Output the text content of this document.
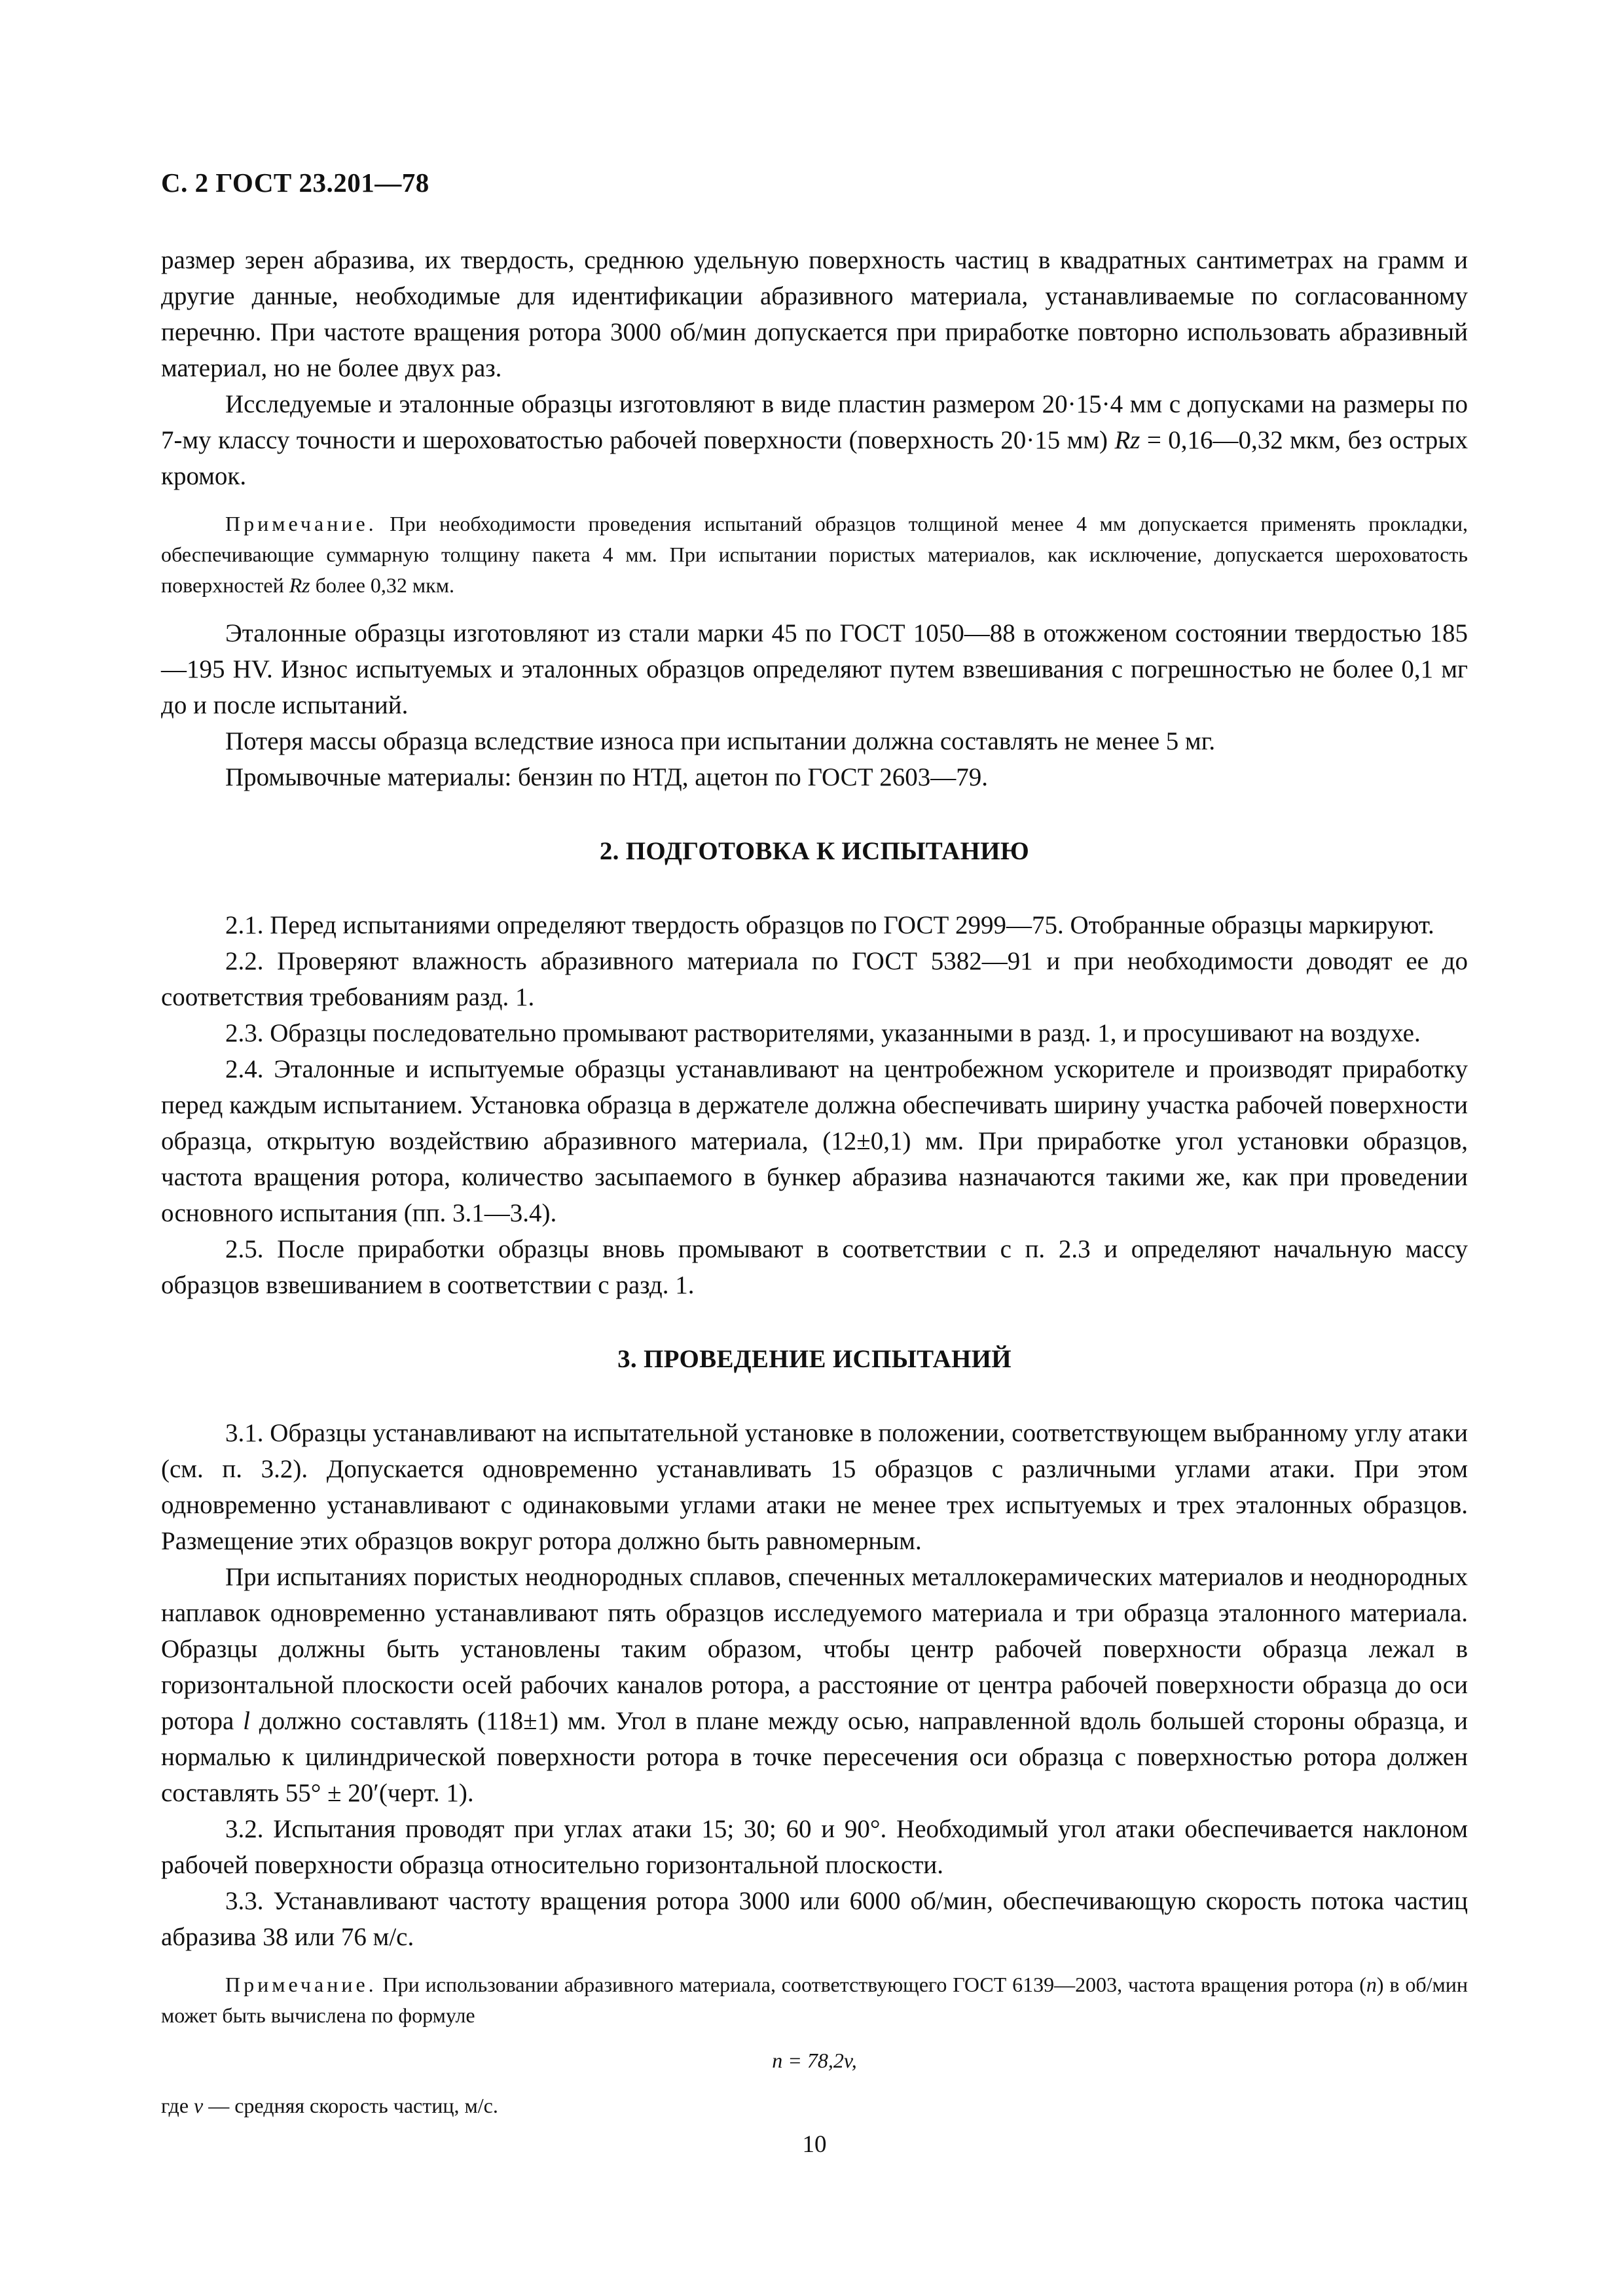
С. 2 ГОСТ 23.201—78

размер зерен абразива, их твердость, среднюю удельную поверхность частиц в квадратных сантиметрах на грамм и другие данные, необходимые для идентификации абразивного материала, устанавливаемые по согласованному перечню. При частоте вращения ротора 3000 об/мин допускается при приработке повторно использовать абразивный материал, но не более двух раз.

Исследуемые и эталонные образцы изготовляют в виде пластин размером 20·15·4 мм с допусками на размеры по 7-му классу точности и шероховатостью рабочей поверхности (поверхность 20·15 мм) Rz = 0,16—0,32 мкм, без острых кромок.

Примечание. При необходимости проведения испытаний образцов толщиной менее 4 мм допускается применять прокладки, обеспечивающие суммарную толщину пакета 4 мм. При испытании пористых материалов, как исключение, допускается шероховатость поверхностей Rz более 0,32 мкм.

Эталонные образцы изготовляют из стали марки 45 по ГОСТ 1050—88 в отожженом состоянии твердостью 185—195 HV. Износ испытуемых и эталонных образцов определяют путем взвешивания с погрешностью не более 0,1 мг до и после испытаний.

Потеря массы образца вследствие износа при испытании должна составлять не менее 5 мг.

Промывочные материалы: бензин по НТД, ацетон по ГОСТ 2603—79.

2. ПОДГОТОВКА К ИСПЫТАНИЮ

2.1. Перед испытаниями определяют твердость образцов по ГОСТ 2999—75. Отобранные образцы маркируют.

2.2. Проверяют влажность абразивного материала по ГОСТ 5382—91 и при необходимости доводят ее до соответствия требованиям разд. 1.

2.3. Образцы последовательно промывают растворителями, указанными в разд. 1, и просушивают на воздухе.

2.4. Эталонные и испытуемые образцы устанавливают на центробежном ускорителе и производят приработку перед каждым испытанием. Установка образца в держателе должна обеспечивать ширину участка рабочей поверхности образца, открытую воздействию абразивного материала, (12±0,1) мм. При приработке угол установки образцов, частота вращения ротора, количество засыпаемого в бункер абразива назначаются такими же, как при проведении основного испытания (пп. 3.1—3.4).

2.5. После приработки образцы вновь промывают в соответствии с п. 2.3 и определяют начальную массу образцов взвешиванием в соответствии с разд. 1.

3. ПРОВЕДЕНИЕ ИСПЫТАНИЙ

3.1. Образцы устанавливают на испытательной установке в положении, соответствующем выбранному углу атаки (см. п. 3.2). Допускается одновременно устанавливать 15 образцов с различными углами атаки. При этом одновременно устанавливают с одинаковыми углами атаки не менее трех испытуемых и трех эталонных образцов. Размещение этих образцов вокруг ротора должно быть равномерным.

При испытаниях пористых неоднородных сплавов, спеченных металлокерамических материалов и неоднородных наплавок одновременно устанавливают пять образцов исследуемого материала и три образца эталонного материала. Образцы должны быть установлены таким образом, чтобы центр рабочей поверхности образца лежал в горизонтальной плоскости осей рабочих каналов ротора, а расстояние от центра рабочей поверхности образца до оси ротора l должно составлять (118±1) мм. Угол в плане между осью, направленной вдоль большей стороны образца, и нормалью к цилиндрической поверхности ротора в точке пересечения оси образца с поверхностью ротора должен составлять 55° ± 20′(черт. 1).

3.2. Испытания проводят при углах атаки 15; 30; 60 и 90°. Необходимый угол атаки обеспечивается наклоном рабочей поверхности образца относительно горизонтальной плоскости.

3.3. Устанавливают частоту вращения ротора 3000 или 6000 об/мин, обеспечивающую скорость потока частиц абразива 38 или 76 м/с.

Примечание. При использовании абразивного материала, соответствующего ГОСТ 6139—2003, частота вращения ротора (n) в об/мин может быть вычислена по формуле

n = 78,2v,

где v — средняя скорость частиц, м/с.

10
